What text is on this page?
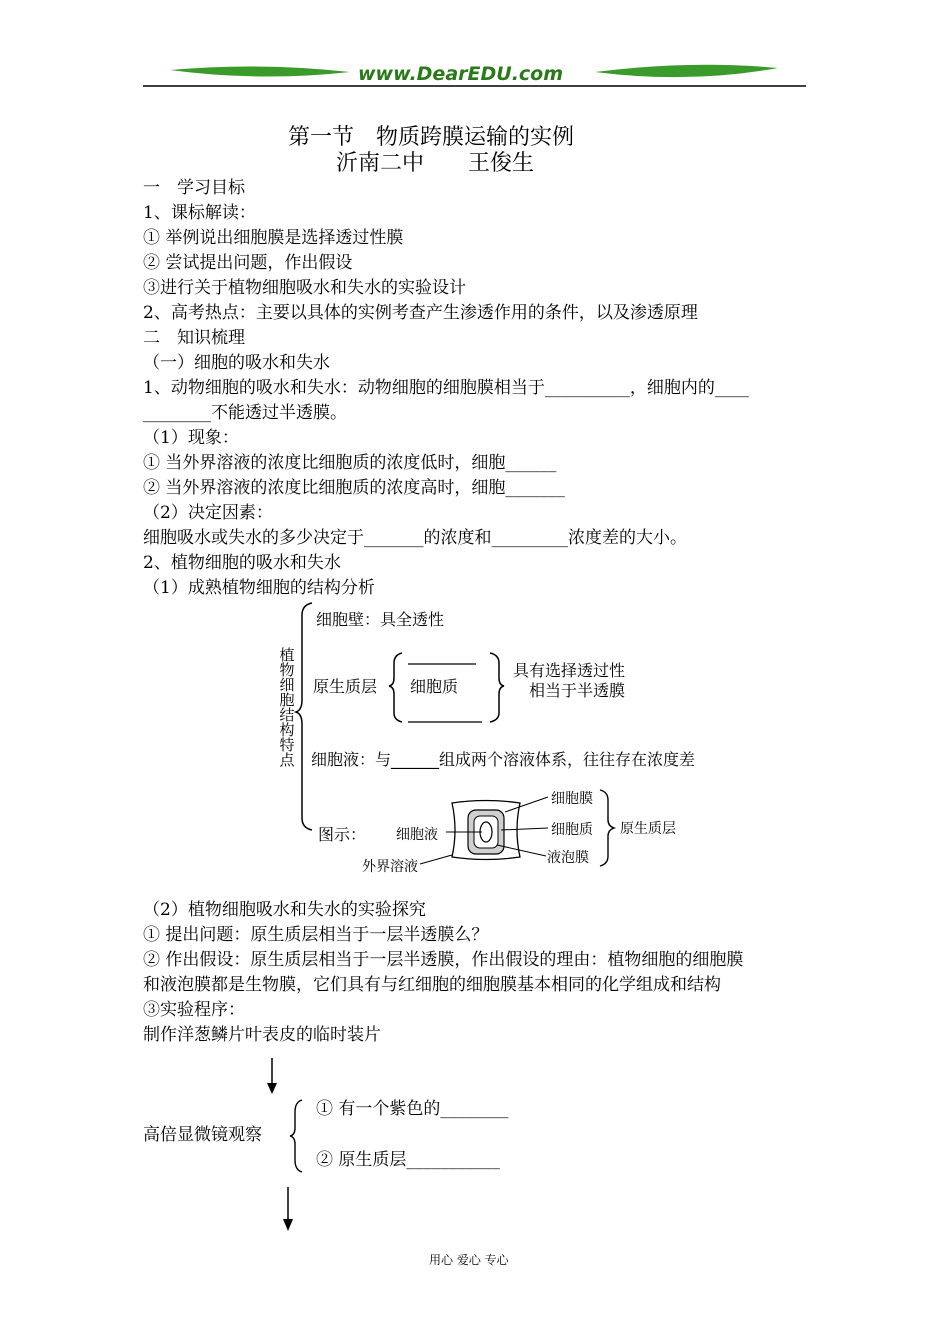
www.DearEDU.com
第一节　物质跨膜运输的实例
沂南二中　　王俊生
一　学习目标
1、课标解读：
① 举例说出细胞膜是选择透过性膜
② 尝试提出问题，作出假设
③进行关于植物细胞吸水和失水的实验设计
2、高考热点：主要以具体的实例考查产生渗透作用的条件，以及渗透原理
二　知识梳理
（一）细胞的吸水和失水
1、动物细胞的吸水和失水：动物细胞的细胞膜相当于__________，细胞内的____
________不能透过半透膜。
（1）现象：
① 当外界溶液的浓度比细胞质的浓度低时，细胞______
② 当外界溶液的浓度比细胞质的浓度高时，细胞_______
（2）决定因素：
细胞吸水或失水的多少决定于_______的浓度和_________浓度差的大小。
2、植物细胞的吸水和失水
（1）成熟植物细胞的结构分析
植物细胞结构特点
细胞壁：具全透性
原生质层 细胞质
具有选择透过性
相当于半透膜
细胞液：与______组成两个溶液体系，往往存在浓度差
图示： 细胞液
外界溶液
细胞膜
细胞质
液泡膜
原生质层
（2）植物细胞吸水和失水的实验探究
① 提出问题：原生质层相当于一层半透膜么？
② 作出假设：原生质层相当于一层半透膜，作出假设的理由：植物细胞的细胞膜
和液泡膜都是生物膜，它们具有与红细胞的细胞膜基本相同的化学组成和结构
③实验程序：
制作洋葱鳞片叶表皮的临时装片
高倍显微镜观察
① 有一个紫色的________
② 原生质层___________
用心 爱心 专心
